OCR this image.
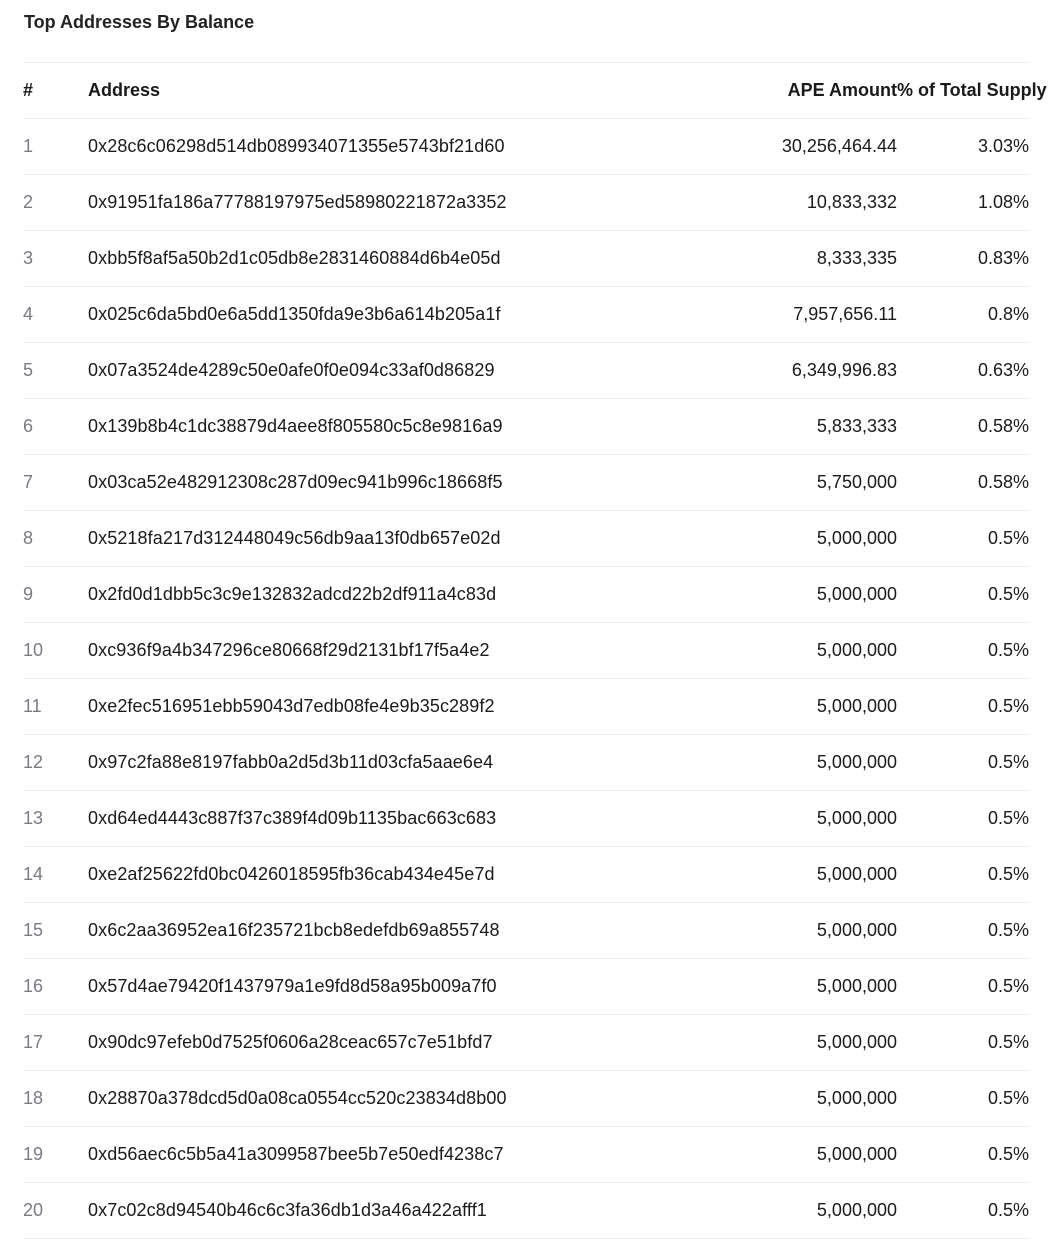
Top Addresses By Balance
#	Address	APE Amount	% of Total Supply
1	0x28c6c06298d514db089934071355e5743bf21d60	30,256,464.44	3.03%
2	0x91951fa186a77788197975ed58980221872a3352	10,833,332	1.08%
3	0xbb5f8af5a50b2d1c05db8e2831460884d6b4e05d	8,333,335	0.83%
4	0x025c6da5bd0e6a5dd1350fda9e3b6a614b205a1f	7,957,656.11	0.8%
5	0x07a3524de4289c50e0afe0f0e094c33af0d86829	6,349,996.83	0.63%
6	0x139b8b4c1dc38879d4aee8f805580c5c8e9816a9	5,833,333	0.58%
7	0x03ca52e482912308c287d09ec941b996c18668f5	5,750,000	0.58%
8	0x5218fa217d312448049c56db9aa13f0db657e02d	5,000,000	0.5%
9	0x2fd0d1dbb5c3c9e132832adcd22b2df911a4c83d	5,000,000	0.5%
10	0xc936f9a4b347296ce80668f29d2131bf17f5a4e2	5,000,000	0.5%
11	0xe2fec516951ebb59043d7edb08fe4e9b35c289f2	5,000,000	0.5%
12	0x97c2fa88e8197fabb0a2d5d3b11d03cfa5aae6e4	5,000,000	0.5%
13	0xd64ed4443c887f37c389f4d09b1135bac663c683	5,000,000	0.5%
14	0xe2af25622fd0bc0426018595fb36cab434e45e7d	5,000,000	0.5%
15	0x6c2aa36952ea16f235721bcb8edefdb69a855748	5,000,000	0.5%
16	0x57d4ae79420f1437979a1e9fd8d58a95b009a7f0	5,000,000	0.5%
17	0x90dc97efeb0d7525f0606a28ceac657c7e51bfd7	5,000,000	0.5%
18	0x28870a378dcd5d0a08ca0554cc520c23834d8b00	5,000,000	0.5%
19	0xd56aec6c5b5a41a3099587bee5b7e50edf4238c7	5,000,000	0.5%
20	0x7c02c8d94540b46c6c3fa36db1d3a46a422afff1	5,000,000	0.5%
